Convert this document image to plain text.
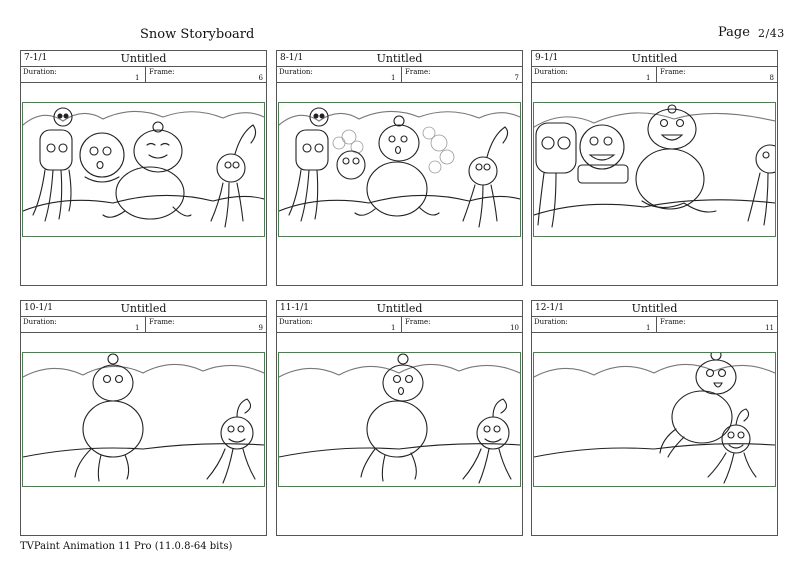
Snow Storyboard	Page 2/43
7-1/1	Untitled
Duration:
1
Frame:
6
8-1/1	Untitled
Duration:
1
Frame:
7
9-1/1	Untitled
Duration:
1
Frame:
8
10-1/1	Untitled
Duration:
1
Frame:
9
11-1/1	Untitled
Duration:
1
Frame:
10
12-1/1	Untitled
Duration:
1
Frame:
11
TVPaint Animation 11 Pro (11.0.8-64 bits)
